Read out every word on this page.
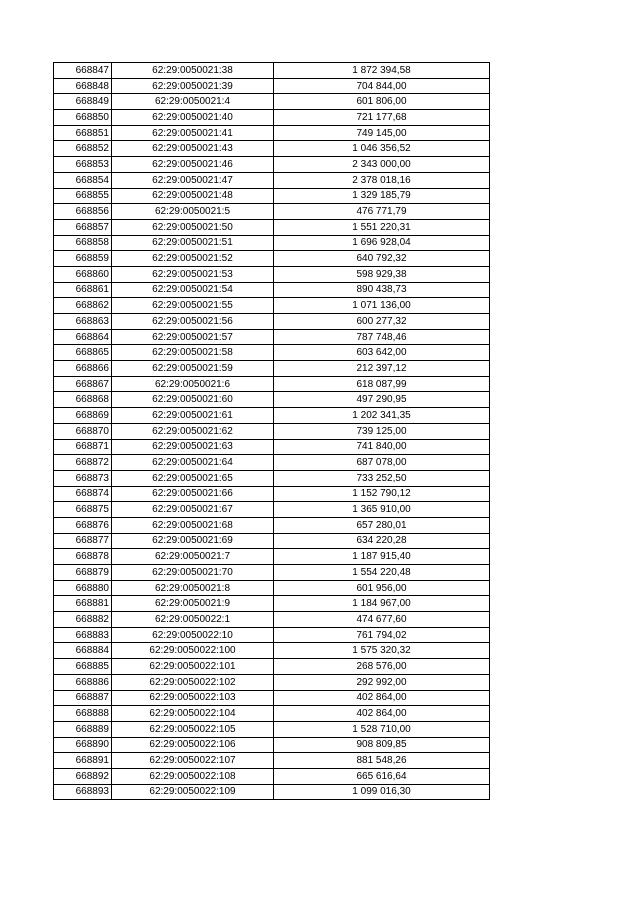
668847	62:29:0050021:38	1 872 394,58
668848	62:29:0050021:39	704 844,00
668849	62:29:0050021:4	601 806,00
668850	62:29:0050021:40	721 177,68
668851	62:29:0050021:41	749 145,00
668852	62:29:0050021:43	1 046 356,52
668853	62:29:0050021:46	2 343 000,00
668854	62:29:0050021:47	2 378 018,16
668855	62:29:0050021:48	1 329 185,79
668856	62:29:0050021:5	476 771,79
668857	62:29:0050021:50	1 551 220,31
668858	62:29:0050021:51	1 696 928,04
668859	62:29:0050021:52	640 792,32
668860	62:29:0050021:53	598 929,38
668861	62:29:0050021:54	890 438,73
668862	62:29:0050021:55	1 071 136,00
668863	62:29:0050021:56	600 277,32
668864	62:29:0050021:57	787 748,46
668865	62:29:0050021:58	603 642,00
668866	62:29:0050021:59	212 397,12
668867	62:29:0050021:6	618 087,99
668868	62:29:0050021:60	497 290,95
668869	62:29:0050021:61	1 202 341,35
668870	62:29:0050021:62	739 125,00
668871	62:29:0050021:63	741 840,00
668872	62:29:0050021:64	687 078,00
668873	62:29:0050021:65	733 252,50
668874	62:29:0050021:66	1 152 790,12
668875	62:29:0050021:67	1 365 910,00
668876	62:29:0050021:68	657 280,01
668877	62:29:0050021:69	634 220,28
668878	62:29:0050021:7	1 187 915,40
668879	62:29:0050021:70	1 554 220,48
668880	62:29:0050021:8	601 956,00
668881	62:29:0050021:9	1 184 967,00
668882	62:29:0050022:1	474 677,60
668883	62:29:0050022:10	761 794,02
668884	62:29:0050022:100	1 575 320,32
668885	62:29:0050022:101	268 576,00
668886	62:29:0050022:102	292 992,00
668887	62:29:0050022:103	402 864,00
668888	62:29:0050022:104	402 864,00
668889	62:29:0050022:105	1 528 710,00
668890	62:29:0050022:106	908 809,85
668891	62:29:0050022:107	881 548,26
668892	62:29:0050022:108	665 616,64
668893	62:29:0050022:109	1 099 016,30
